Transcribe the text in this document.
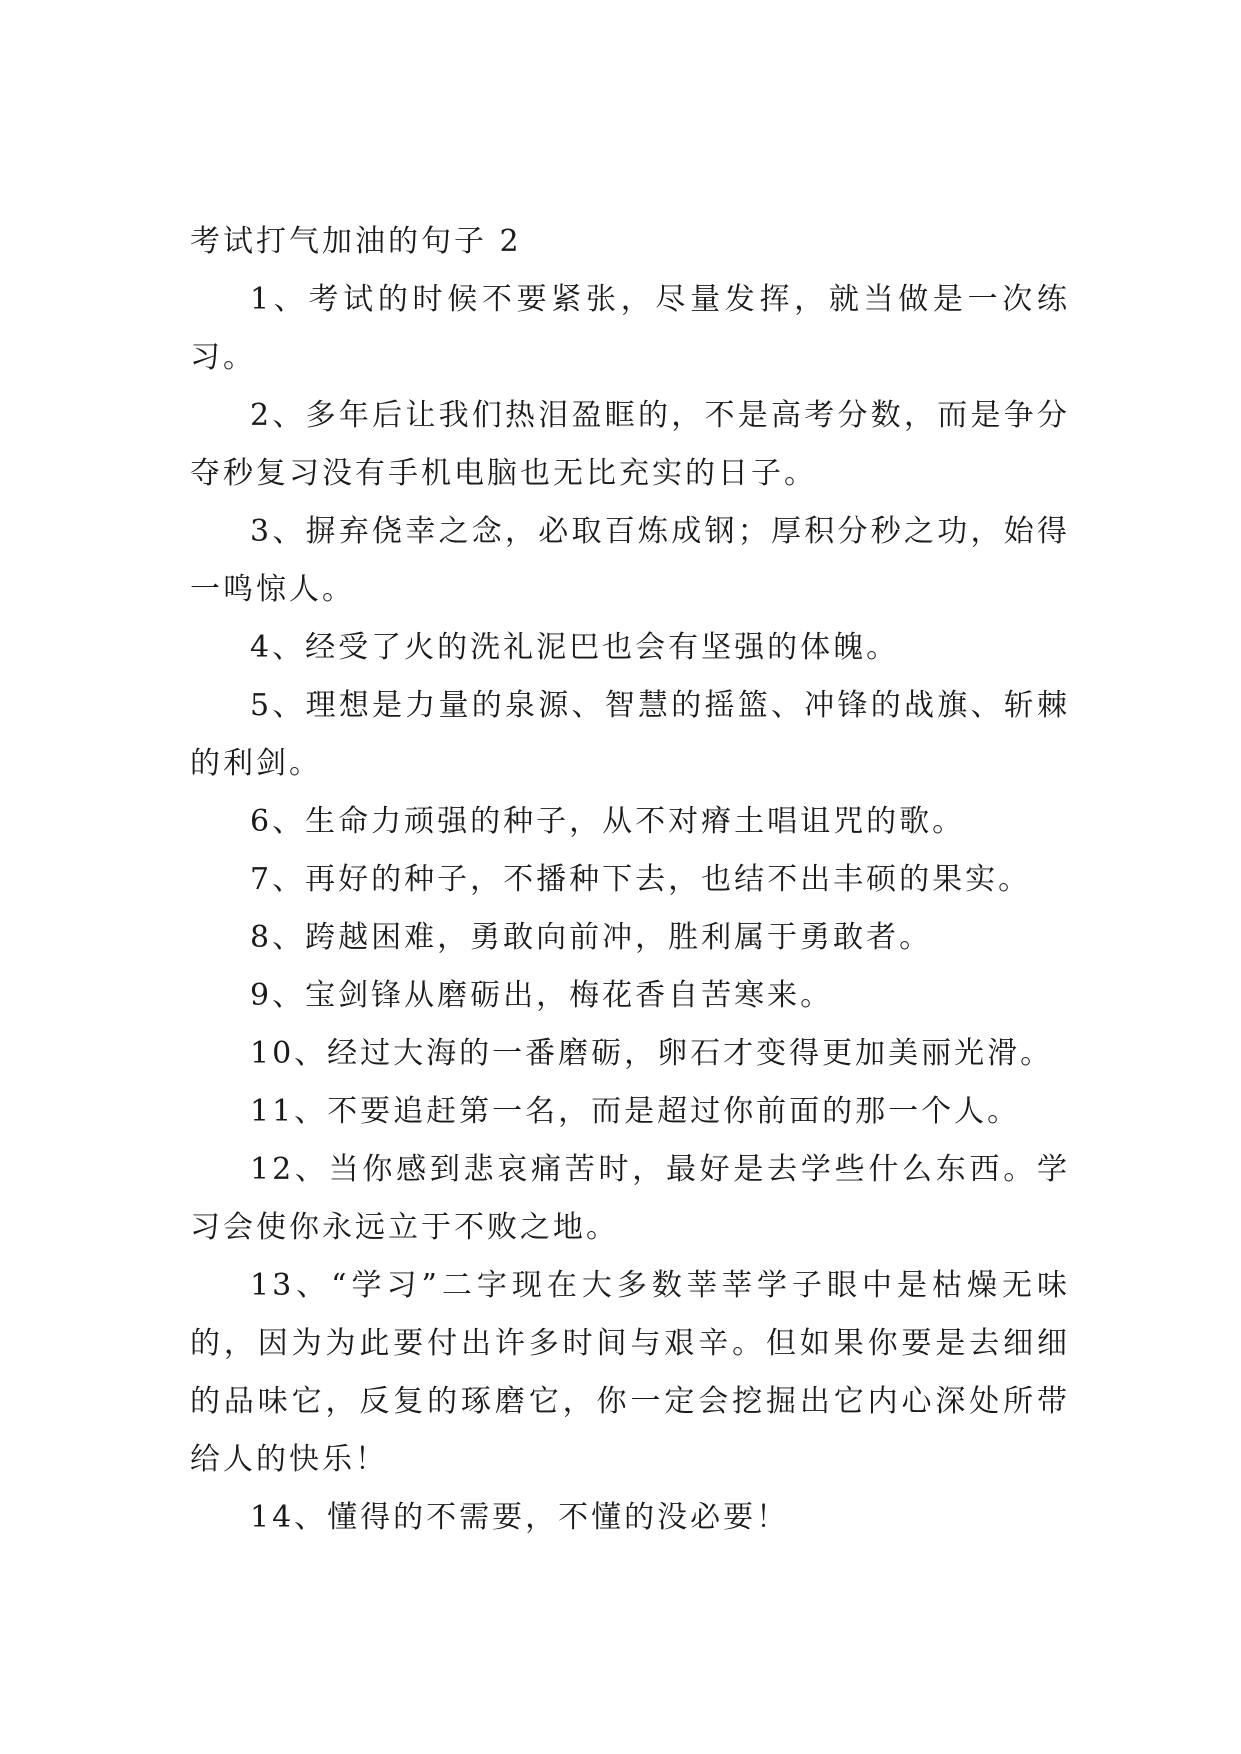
考试打气加油的句子 2

1、考试的时候不要紧张，尽量发挥，就当做是一次练习。

2、多年后让我们热泪盈眶的，不是高考分数，而是争分夺秒复习没有手机电脑也无比充实的日子。

3、摒弃侥幸之念，必取百炼成钢；厚积分秒之功，始得一鸣惊人。

4、经受了火的洗礼泥巴也会有坚强的体魄。

5、理想是力量的泉源、智慧的摇篮、冲锋的战旗、斩棘的利剑。

6、生命力顽强的种子，从不对瘠土唱诅咒的歌。

7、再好的种子，不播种下去，也结不出丰硕的果实。

8、跨越困难，勇敢向前冲，胜利属于勇敢者。

9、宝剑锋从磨砺出，梅花香自苦寒来。

10、经过大海的一番磨砺，卵石才变得更加美丽光滑。

11、不要追赶第一名，而是超过你前面的那一个人。

12、当你感到悲哀痛苦时，最好是去学些什么东西。学习会使你永远立于不败之地。

13、“学习”二字现在大多数莘莘学子眼中是枯燥无味的，因为为此要付出许多时间与艰辛。但如果你要是去细细的品味它，反复的琢磨它，你一定会挖掘出它内心深处所带给人的快乐！

14、懂得的不需要，不懂的没必要！
